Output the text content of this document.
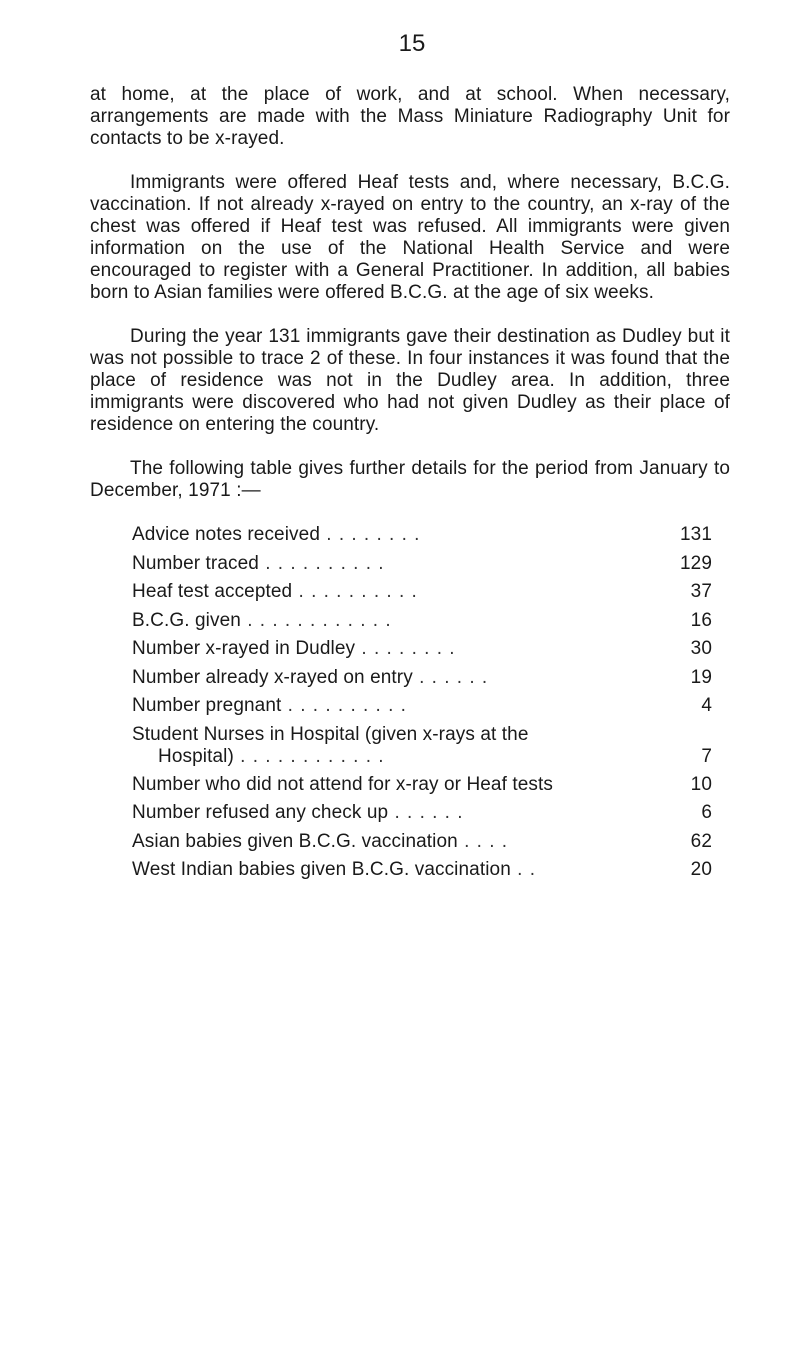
15

at home, at the place of work, and at school. When necessary, arrangements are made with the Mass Miniature Radiography Unit for contacts to be x-rayed.

Immigrants were offered Heaf tests and, where necessary, B.C.G. vaccination. If not already x-rayed on entry to the country, an x-ray of the chest was offered if Heaf test was refused. All immigrants were given information on the use of the National Health Service and were encouraged to register with a General Practitioner. In addition, all babies born to Asian families were offered B.C.G. at the age of six weeks.

During the year 131 immigrants gave their destination as Dudley but it was not possible to trace 2 of these. In four instances it was found that the place of residence was not in the Dudley area. In addition, three immigrants were discovered who had not given Dudley as their place of residence on entering the country.

The following table gives further details for the period from January to December, 1971 :—

Advice notes received . . . . . . . .	131
Number traced . . . . . . . . . .	129
Heaf test accepted . . . . . . . . . .	37
B.C.G. given . . . . . . . . . . . .	16
Number x-rayed in Dudley . . . . . . . .	30
Number already x-rayed on entry . . . . . .	19
Number pregnant . . . . . . . . . .	4
Student Nurses in Hospital (given x-rays at the
Hospital) . . . . . . . . . . . .	7
Number who did not attend for x-ray or Heaf tests	10
Number refused any check up . . . . . .	6
Asian babies given B.C.G. vaccination . . . .	62
West Indian babies given B.C.G. vaccination . .	20
